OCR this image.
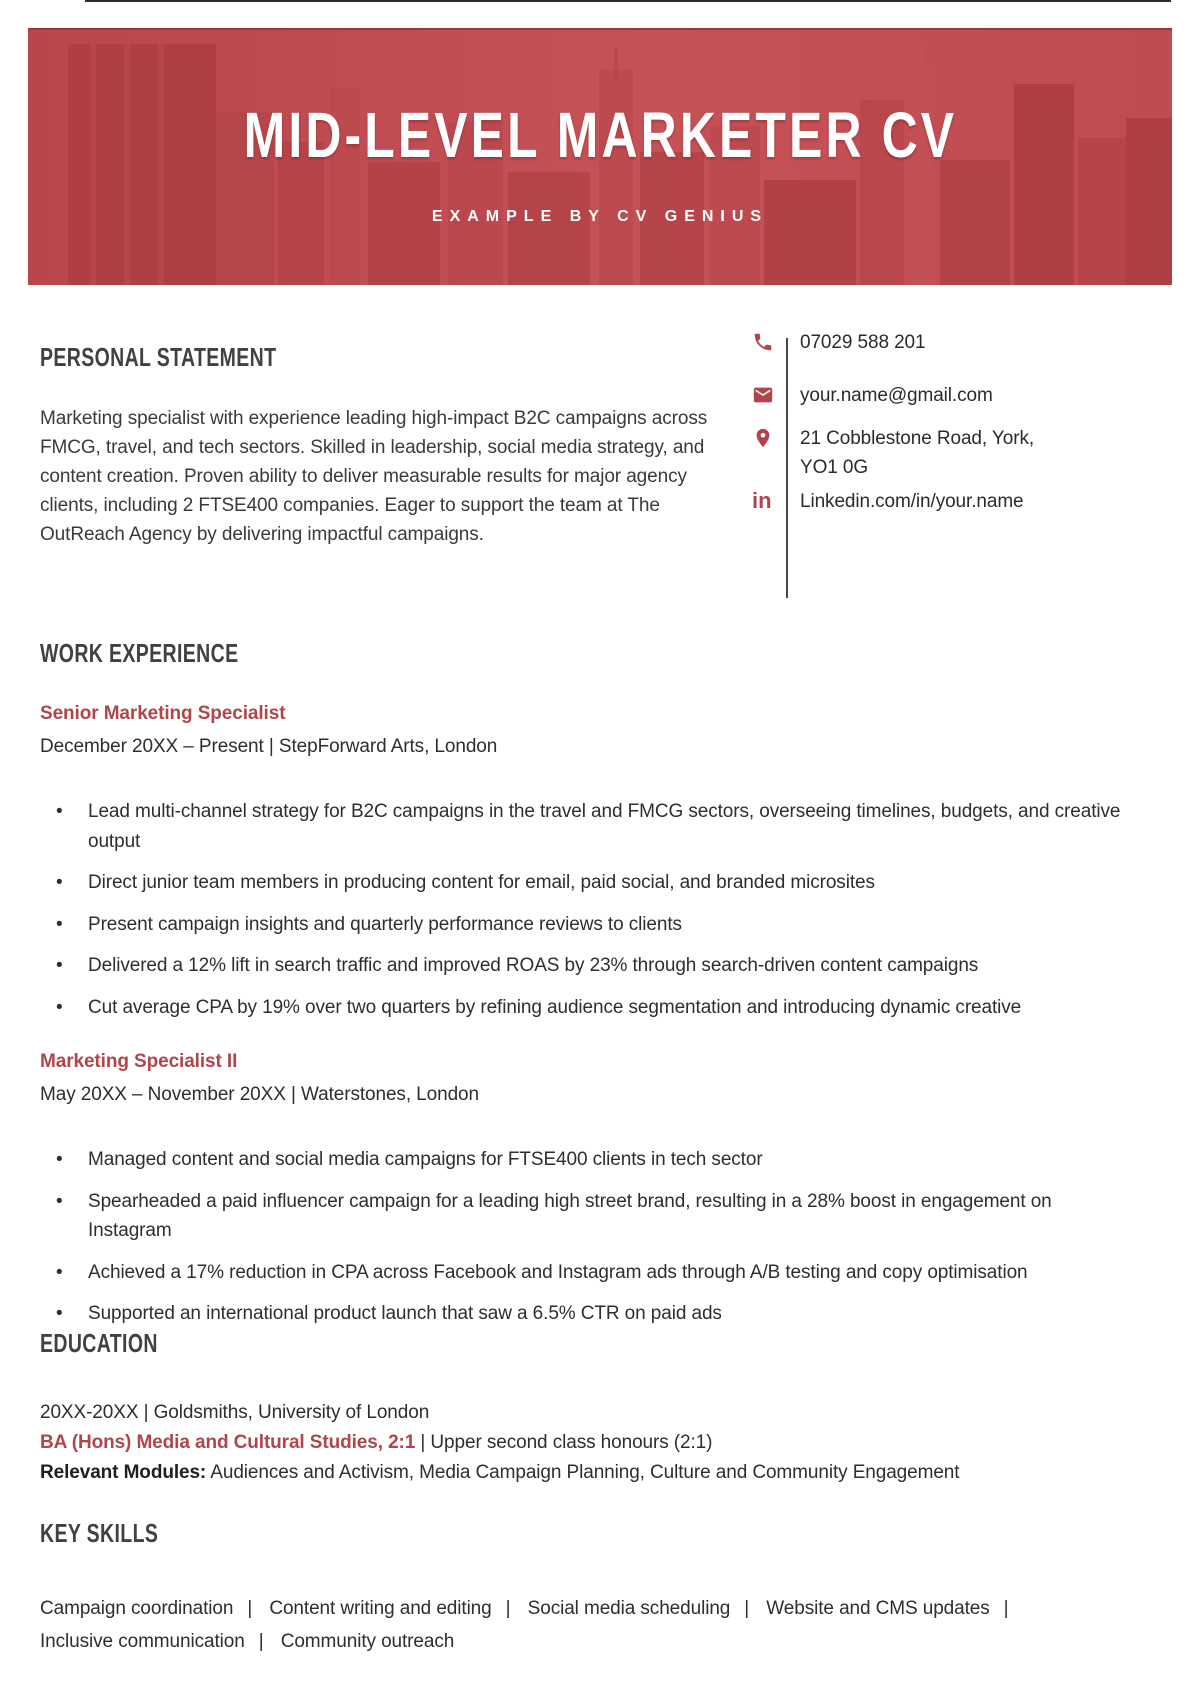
MID-LEVEL MARKETER CV
EXAMPLE BY CV GENIUS
PERSONAL STATEMENT

Marketing specialist with experience leading high-impact B2C campaigns across FMCG, travel, and tech sectors. Skilled in leadership, social media strategy, and content creation. Proven ability to deliver measurable results for major agency clients, including 2 FTSE400 companies. Eager to support the team at The OutReach Agency by delivering impactful campaigns.

07029 588 201
your.name@gmail.com
21 Cobblestone Road, York, YO1 0G
in	Linkedin.com/in/your.name
WORK EXPERIENCE
Senior Marketing Specialist
December 20XX – Present | StepForward Arts, London
• Lead multi-channel strategy for B2C campaigns in the travel and FMCG sectors, overseeing timelines, budgets, and creative output
• Direct junior team members in producing content for email, paid social, and branded microsites
• Present campaign insights and quarterly performance reviews to clients
• Delivered a 12% lift in search traffic and improved ROAS by 23% through search-driven content campaigns
• Cut average CPA by 19% over two quarters by refining audience segmentation and introducing dynamic creative
Marketing Specialist II
May 20XX – November 20XX | Waterstones, London
• Managed content and social media campaigns for FTSE400 clients in tech sector
• Spearheaded a paid influencer campaign for a leading high street brand, resulting in a 28% boost in engagement on Instagram
• Achieved a 17% reduction in CPA across Facebook and Instagram ads through A/B testing and copy optimisation
• Supported an international product launch that saw a 6.5% CTR on paid ads
EDUCATION
20XX-20XX | Goldsmiths, University of London
BA (Hons) Media and Cultural Studies, 2:1 | Upper second class honours (2:1)
Relevant Modules: Audiences and Activism, Media Campaign Planning, Culture and Community Engagement
KEY SKILLS
Campaign coordination | Content writing and editing | Social media scheduling | Website and CMS updates | Inclusive communication | Community outreach
